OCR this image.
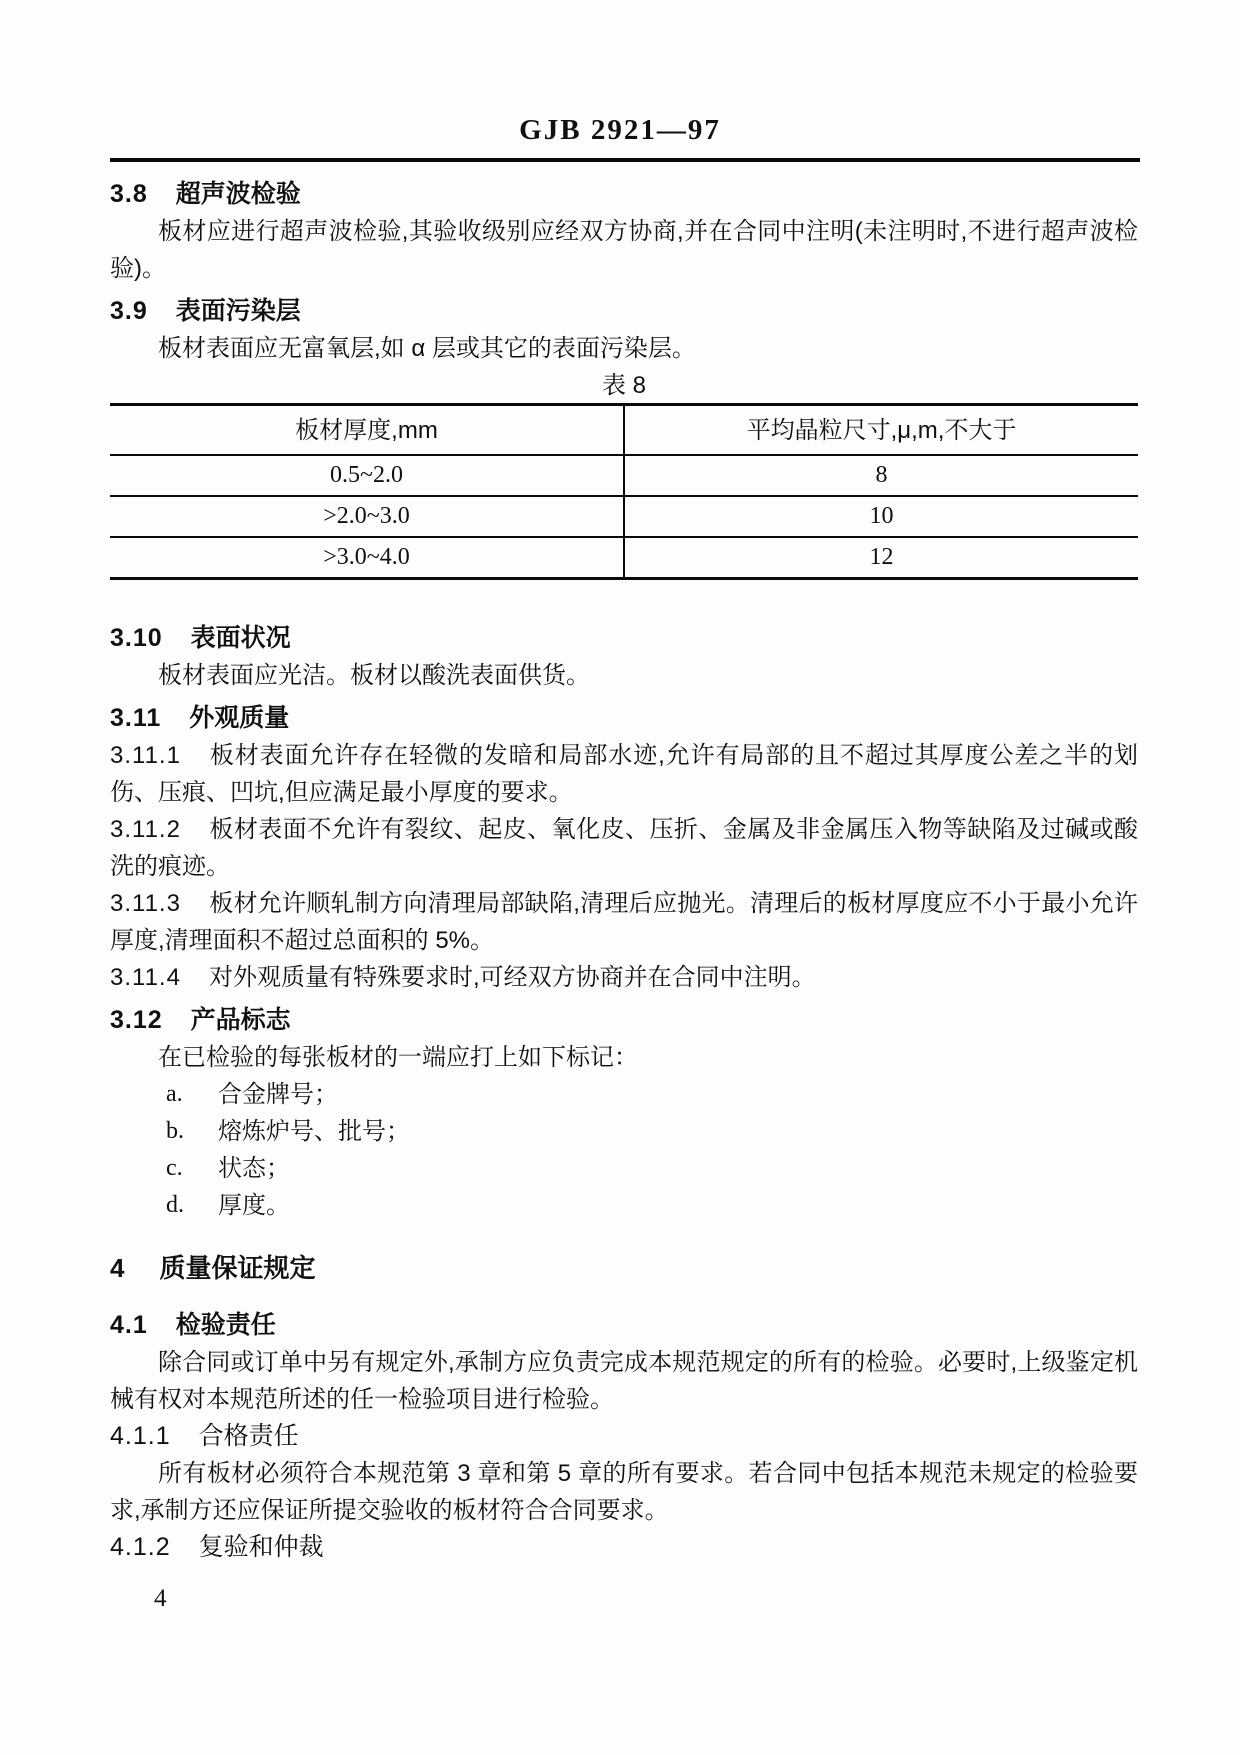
GJB 2921—97
3.8 超声波检验

板材应进行超声波检验,其验收级别应经双方协商,并在合同中注明(未注明时,不进行超声波检验)。

3.9 表面污染层

板材表面应无富氧层,如 α 层或其它的表面污染层。

表 8
板材厚度,mm	平均晶粒尺寸,μ,m,不大于
0.5~2.0	8
>2.0~3.0	10
>3.0~4.0	12
3.10 表面状况

板材表面应光洁。板材以酸洗表面供货。

3.11 外观质量

3.11.1 板材表面允许存在轻微的发暗和局部水迹,允许有局部的且不超过其厚度公差之半的划伤、压痕、凹坑,但应满足最小厚度的要求。

3.11.2 板材表面不允许有裂纹、起皮、氧化皮、压折、金属及非金属压入物等缺陷及过碱或酸洗的痕迹。

3.11.3 板材允许顺轧制方向清理局部缺陷,清理后应抛光。清理后的板材厚度应不小于最小允许厚度,清理面积不超过总面积的 5%。

3.11.4 对外观质量有特殊要求时,可经双方协商并在合同中注明。

3.12 产品标志

在已检验的每张板材的一端应打上如下标记：

a.	合金牌号；
b.	熔炼炉号、批号；
c.	状态；
d.	厚度。
4 质量保证规定
4.1 检验责任

除合同或订单中另有规定外,承制方应负责完成本规范规定的所有的检验。必要时,上级鉴定机械有权对本规范所述的任一检验项目进行检验。

4.1.1 合格责任

所有板材必须符合本规范第 3 章和第 5 章的所有要求。若合同中包括本规范未规定的检验要求,承制方还应保证所提交验收的板材符合合同要求。

4.1.2 复验和仲裁
4
